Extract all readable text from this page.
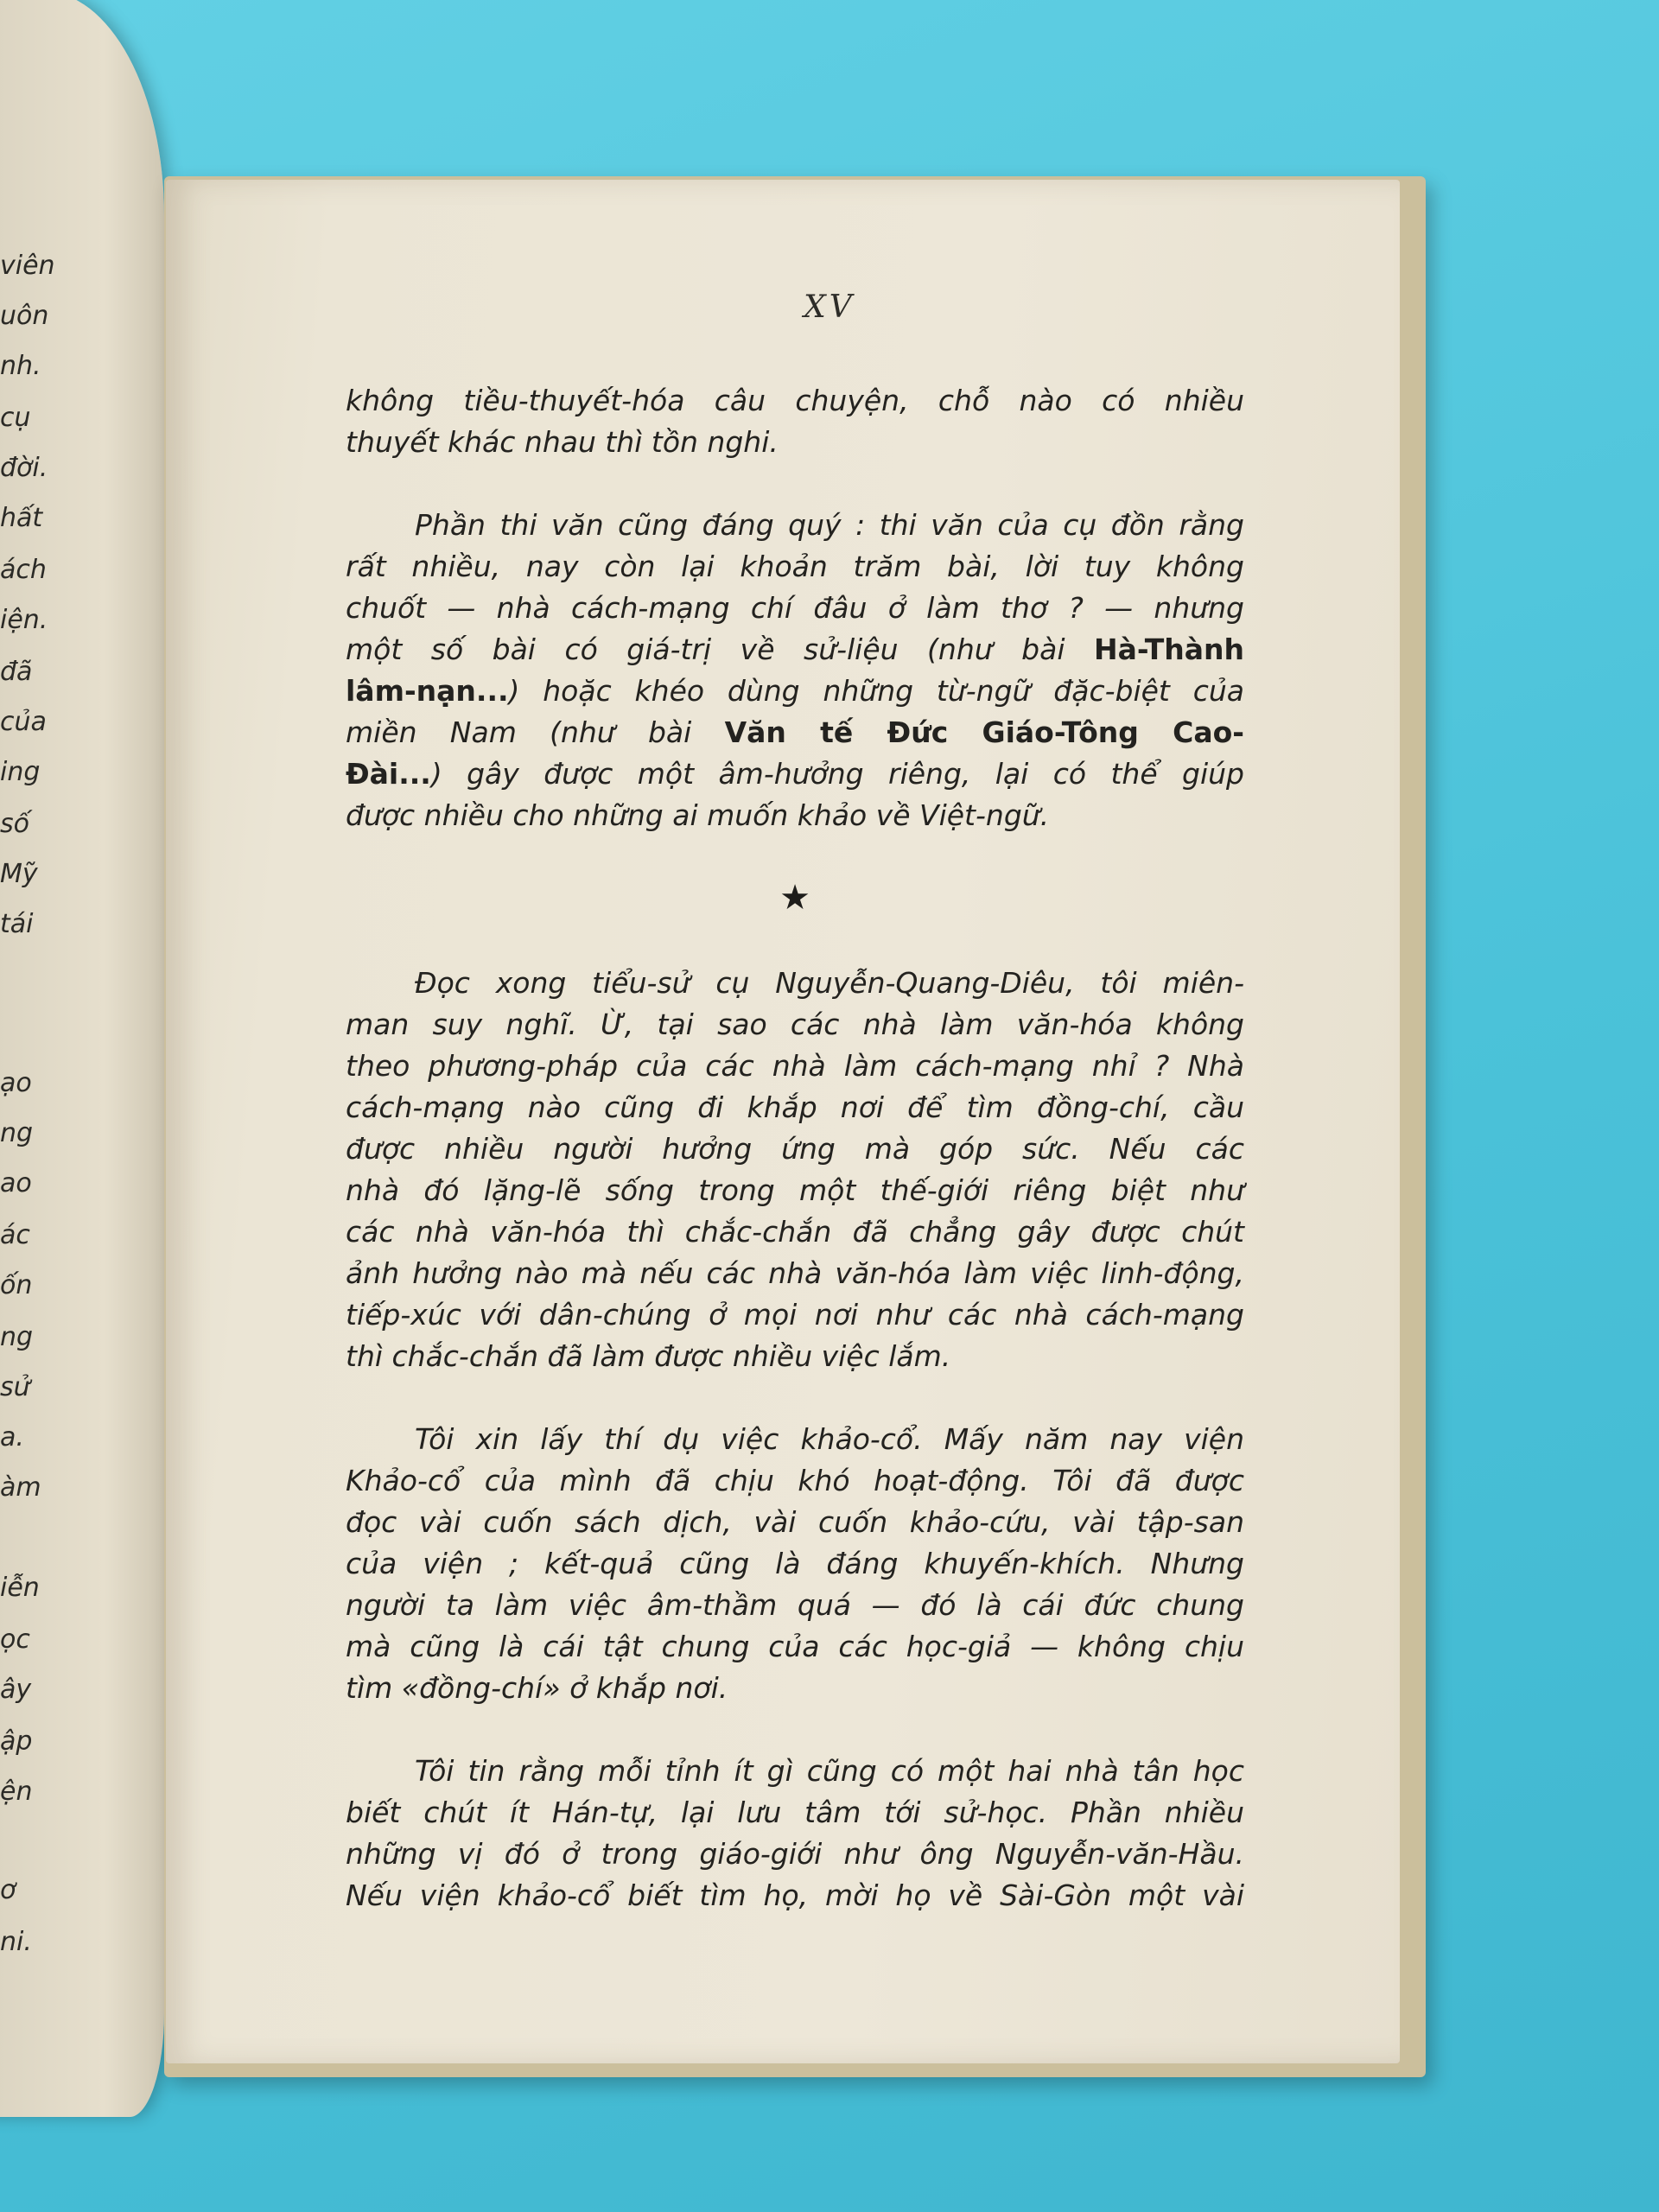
viên
uôn
nh.
cụ
đời.
hất
ách
iện.
đã
của
ing
số
Mỹ
tái
ạo
ng
ao
ác
ốn
ng
sử
a.
àm
iễn
ọc
ây
ập
ện
ơ
ni.
XV
không tiều-thuyết-hóa câu chuyện, chỗ nào có nhiều
thuyết khác nhau thì tồn nghi.
Phần thi văn cũng đáng quý : thi văn của cụ đồn rằng
rất nhiều, nay còn lại khoản trăm bài, lời tuy không
chuốt — nhà cách-mạng chí đâu ở làm thơ ? — nhưng
một số bài có giá-trị về sử-liệu (như bài Hà-Thành
lâm-nạn...) hoặc khéo dùng những từ-ngữ đặc-biệt của
miền Nam (như bài Văn tế Đức Giáo-Tông Cao-
Đài...) gây được một âm-hưởng riêng, lại có thể giúp
được nhiều cho những ai muốn khảo về Việt-ngữ.
★
Đọc xong tiểu-sử cụ Nguyễn-Quang-Diêu, tôi miên-
man suy nghĩ. Ừ, tại sao các nhà làm văn-hóa không
theo phương-pháp của các nhà làm cách-mạng nhỉ ? Nhà
cách-mạng nào cũng đi khắp nơi để tìm đồng-chí, cầu
được nhiều người hưởng ứng mà góp sức. Nếu các
nhà đó lặng-lẽ sống trong một thế-giới riêng biệt như
các nhà văn-hóa thì chắc-chắn đã chẳng gây được chút
ảnh hưởng nào mà nếu các nhà văn-hóa làm việc linh-động,
tiếp-xúc với dân-chúng ở mọi nơi như các nhà cách-mạng
thì chắc-chắn đã làm được nhiều việc lắm.
Tôi xin lấy thí dụ việc khảo-cổ. Mấy năm nay viện
Khảo-cổ của mình đã chịu khó hoạt-động. Tôi đã được
đọc vài cuốn sách dịch, vài cuốn khảo-cứu, vài tập-san
của viện ; kết-quả cũng là đáng khuyến-khích. Nhưng
người ta làm việc âm-thầm quá — đó là cái đức chung
mà cũng là cái tật chung của các học-giả — không chịu
tìm «đồng-chí» ở khắp nơi.
Tôi tin rằng mỗi tỉnh ít gì cũng có một hai nhà tân học
biết chút ít Hán-tự, lại lưu tâm tới sử-học. Phần nhiều
những vị đó ở trong giáo-giới như ông Nguyễn-văn-Hầu.
Nếu viện khảo-cổ biết tìm họ, mời họ về Sài-Gòn một vài
